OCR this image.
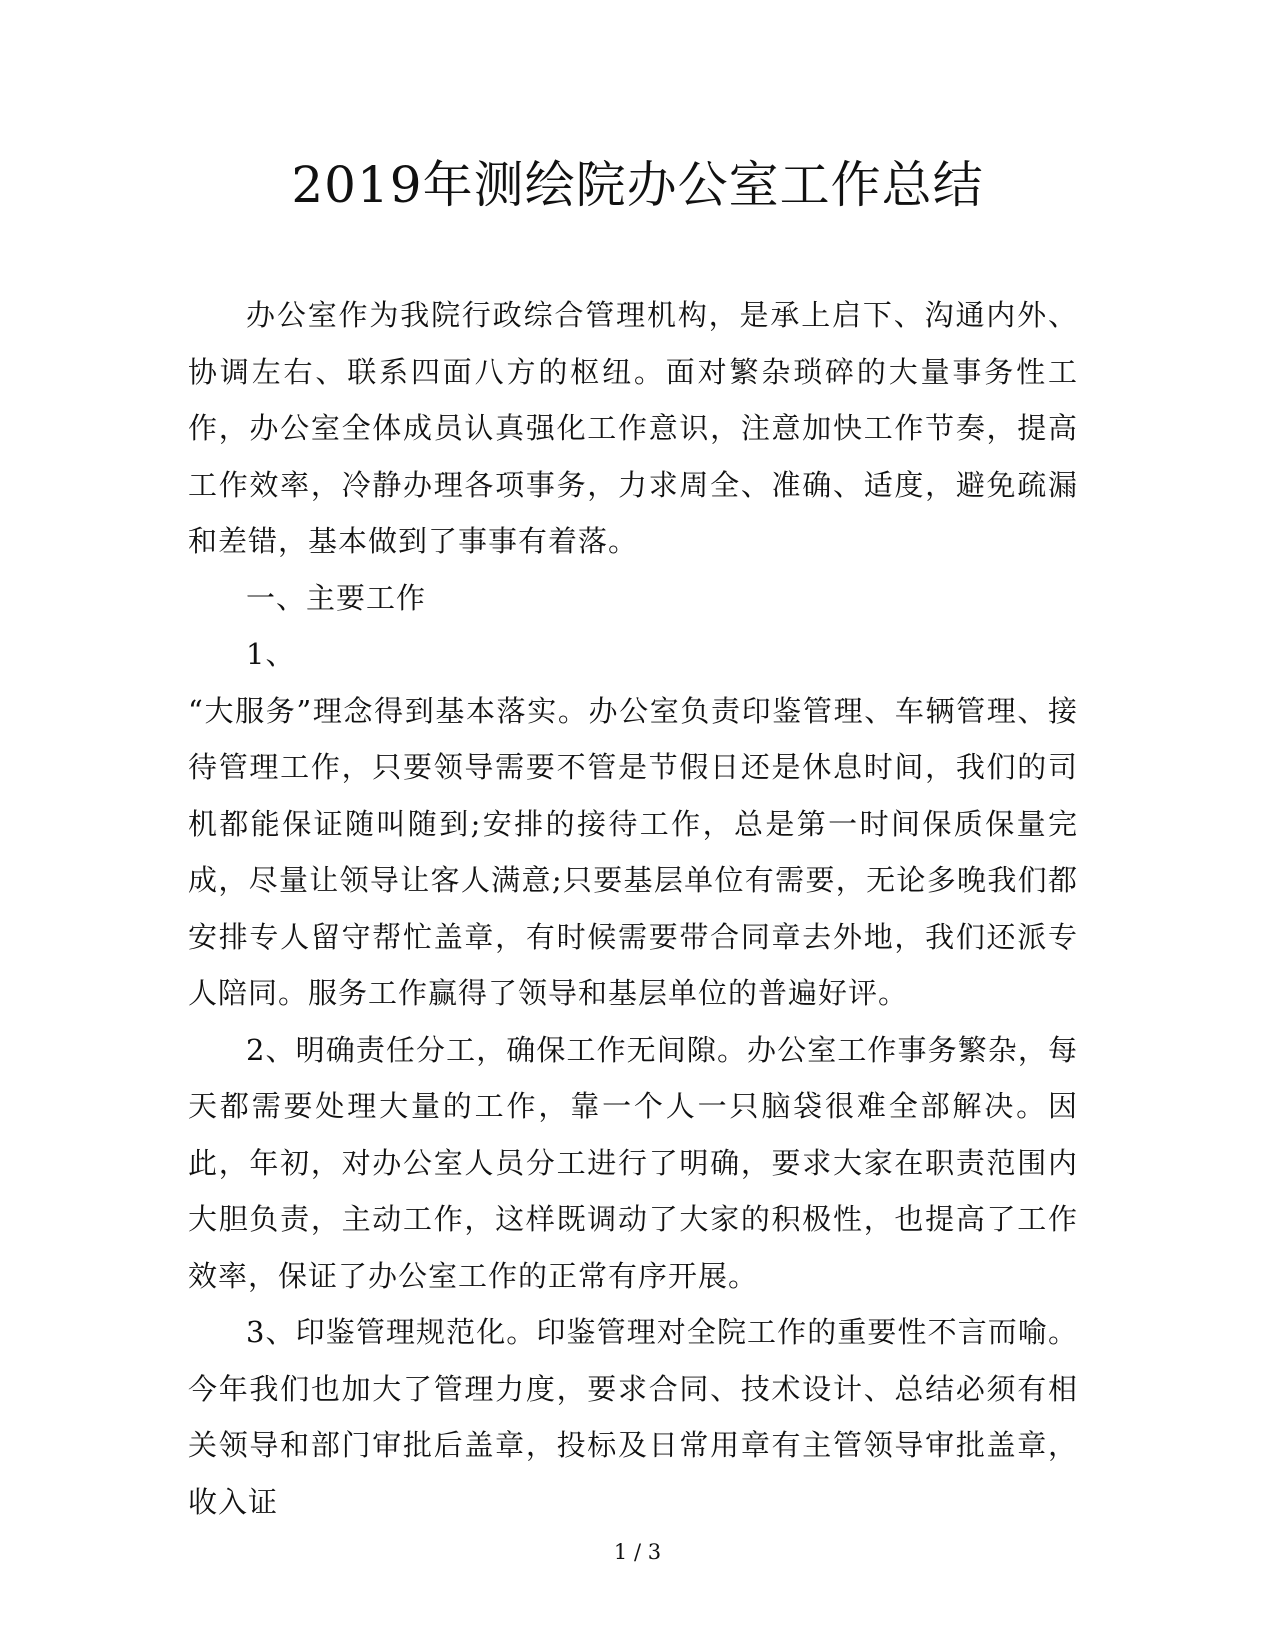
2019年测绘院办公室工作总结

办公室作为我院行政综合管理机构，是承上启下、沟通内外、协调左右、联系四面八方的枢纽。面对繁杂琐碎的大量事务性工作，办公室全体成员认真强化工作意识，注意加快工作节奏，提高工作效率，冷静办理各项事务，力求周全、准确、适度，避免疏漏和差错，基本做到了事事有着落。

一、主要工作

1、

“大服务”理念得到基本落实。办公室负责印鉴管理、车辆管理、接待管理工作，只要领导需要不管是节假日还是休息时间，我们的司机都能保证随叫随到;安排的接待工作，总是第一时间保质保量完成，尽量让领导让客人满意;只要基层单位有需要，无论多晚我们都安排专人留守帮忙盖章，有时候需要带合同章去外地，我们还派专人陪同。服务工作赢得了领导和基层单位的普遍好评。

2、明确责任分工，确保工作无间隙。办公室工作事务繁杂，每天都需要处理大量的工作，靠一个人一只脑袋很难全部解决。因此，年初，对办公室人员分工进行了明确，要求大家在职责范围内大胆负责，主动工作，这样既调动了大家的积极性，也提高了工作效率，保证了办公室工作的正常有序开展。

3、印鉴管理规范化。印鉴管理对全院工作的重要性不言而喻。今年我们也加大了管理力度，要求合同、技术设计、总结必须有相关领导和部门审批后盖章，投标及日常用章有主管领导审批盖章，收入证

1 / 3
